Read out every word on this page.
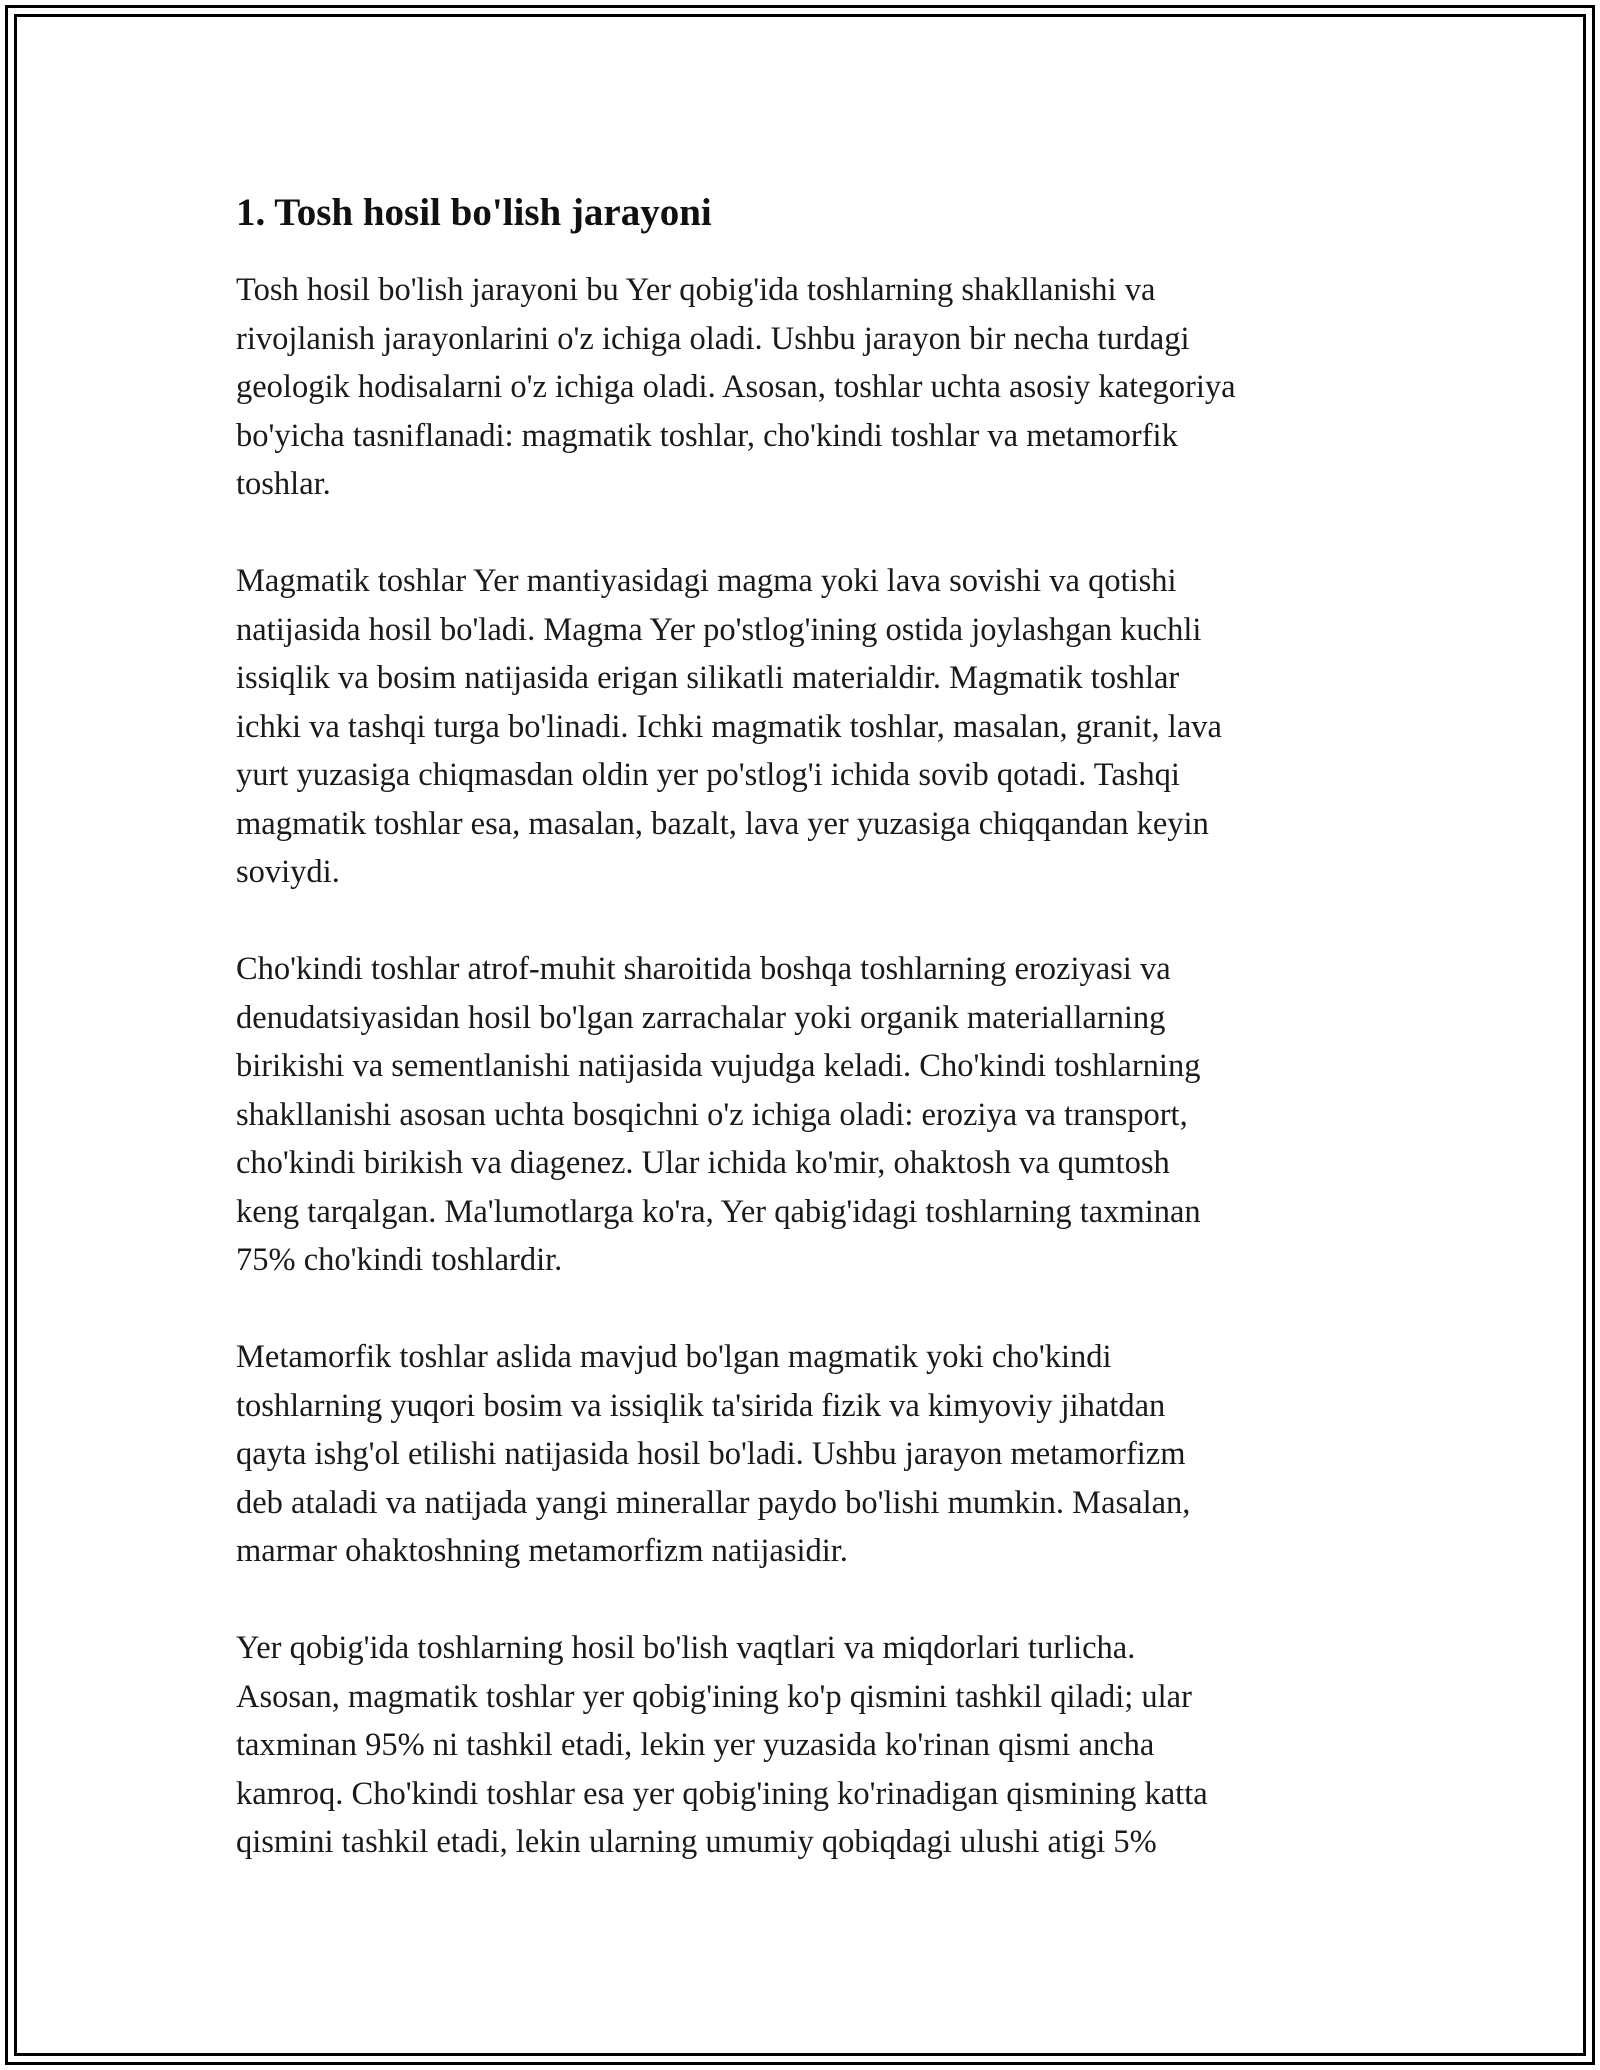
1. Tosh hosil bo'lish jarayoni

Tosh hosil bo'lish jarayoni bu Yer qobig'ida toshlarning shakllanishi va
rivojlanish jarayonlarini o'z ichiga oladi. Ushbu jarayon bir necha turdagi
geologik hodisalarni o'z ichiga oladi. Asosan, toshlar uchta asosiy kategoriya
bo'yicha tasniflanadi: magmatik toshlar, cho'kindi toshlar va metamorfik
toshlar.

Magmatik toshlar Yer mantiyasidagi magma yoki lava sovishi va qotishi
natijasida hosil bo'ladi. Magma Yer po'stlog'ining ostida joylashgan kuchli
issiqlik va bosim natijasida erigan silikatli materialdir. Magmatik toshlar
ichki va tashqi turga bo'linadi. Ichki magmatik toshlar, masalan, granit, lava
yurt yuzasiga chiqmasdan oldin yer po'stlog'i ichida sovib qotadi. Tashqi
magmatik toshlar esa, masalan, bazalt, lava yer yuzasiga chiqqandan keyin
soviydi.

Cho'kindi toshlar atrof-muhit sharoitida boshqa toshlarning eroziyasi va
denudatsiyasidan hosil bo'lgan zarrachalar yoki organik materiallarning
birikishi va sementlanishi natijasida vujudga keladi. Cho'kindi toshlarning
shakllanishi asosan uchta bosqichni o'z ichiga oladi: eroziya va transport,
cho'kindi birikish va diagenez. Ular ichida ko'mir, ohaktosh va qumtosh
keng tarqalgan. Ma'lumotlarga ko'ra, Yer qabig'idagi toshlarning taxminan
75% cho'kindi toshlardir.

Metamorfik toshlar aslida mavjud bo'lgan magmatik yoki cho'kindi
toshlarning yuqori bosim va issiqlik ta'sirida fizik va kimyoviy jihatdan
qayta ishg'ol etilishi natijasida hosil bo'ladi. Ushbu jarayon metamorfizm
deb ataladi va natijada yangi minerallar paydo bo'lishi mumkin. Masalan,
marmar ohaktoshning metamorfizm natijasidir.

Yer qobig'ida toshlarning hosil bo'lish vaqtlari va miqdorlari turlicha.
Asosan, magmatik toshlar yer qobig'ining ko'p qismini tashkil qiladi; ular
taxminan 95% ni tashkil etadi, lekin yer yuzasida ko'rinan qismi ancha
kamroq. Cho'kindi toshlar esa yer qobig'ining ko'rinadigan qismining katta
qismini tashkil etadi, lekin ularning umumiy qobiqdagi ulushi atigi 5%
